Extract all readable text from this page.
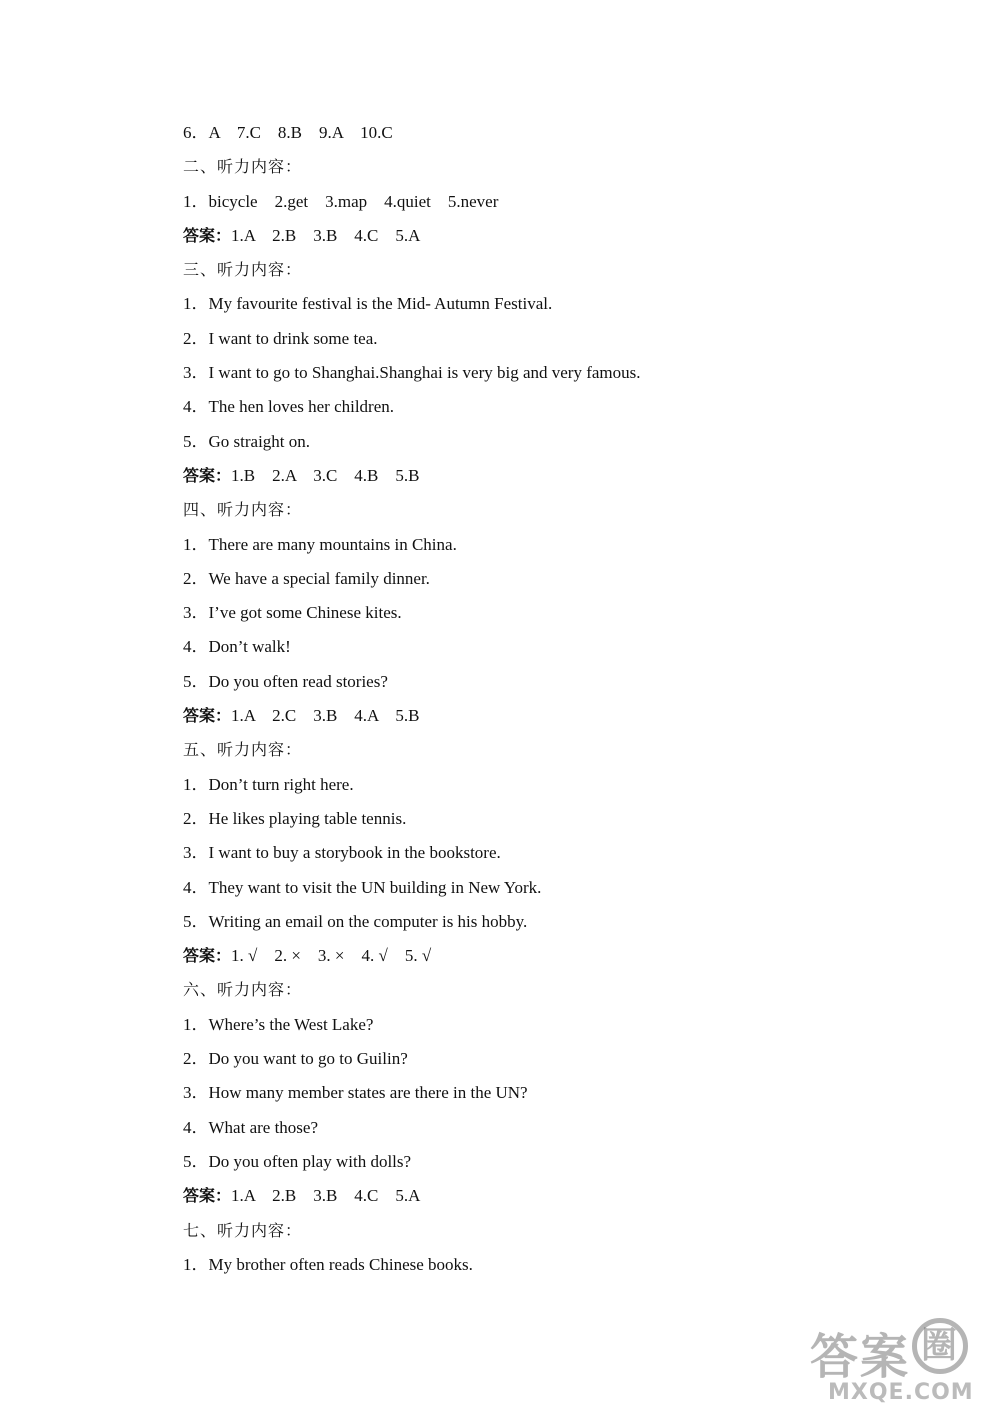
6．A    7.C    8.B    9.A    10.C
二、听力内容：
1．bicycle    2.get    3.map    4.quiet    5.never
答案：1.A    2.B    3.B    4.C    5.A
三、听力内容：
1．My favourite festival is the Mid- Autumn Festival.
2．I want to drink some tea.
3．I want to go to Shanghai.Shanghai is very big and very famous.
4．The hen loves her children.
5．Go straight on.
答案：1.B    2.A    3.C    4.B    5.B
四、听力内容：
1．There are many mountains in China.
2．We have a special family dinner.
3．I’ve got some Chinese kites.
4．Don’t walk!
5．Do you often read stories?
答案：1.A    2.C    3.B    4.A    5.B
五、听力内容：
1．Don’t turn right here.
2．He likes playing table tennis.
3．I want to buy a storybook in the bookstore.
4．They want to visit the UN building in New York.
5．Writing an email on the computer is his hobby.
答案：1. √    2. ×    3. ×    4. √    5. √
六、听力内容：
1．Where’s the West Lake?
2．Do you want to go to Guilin?
3．How many member states are there in the UN?
4．What are those?
5．Do you often play with dolls?
答案：1.A    2.B    3.B    4.C    5.A
七、听力内容：
1．My brother often reads Chinese books.
答案 圈
MXQE.COM
